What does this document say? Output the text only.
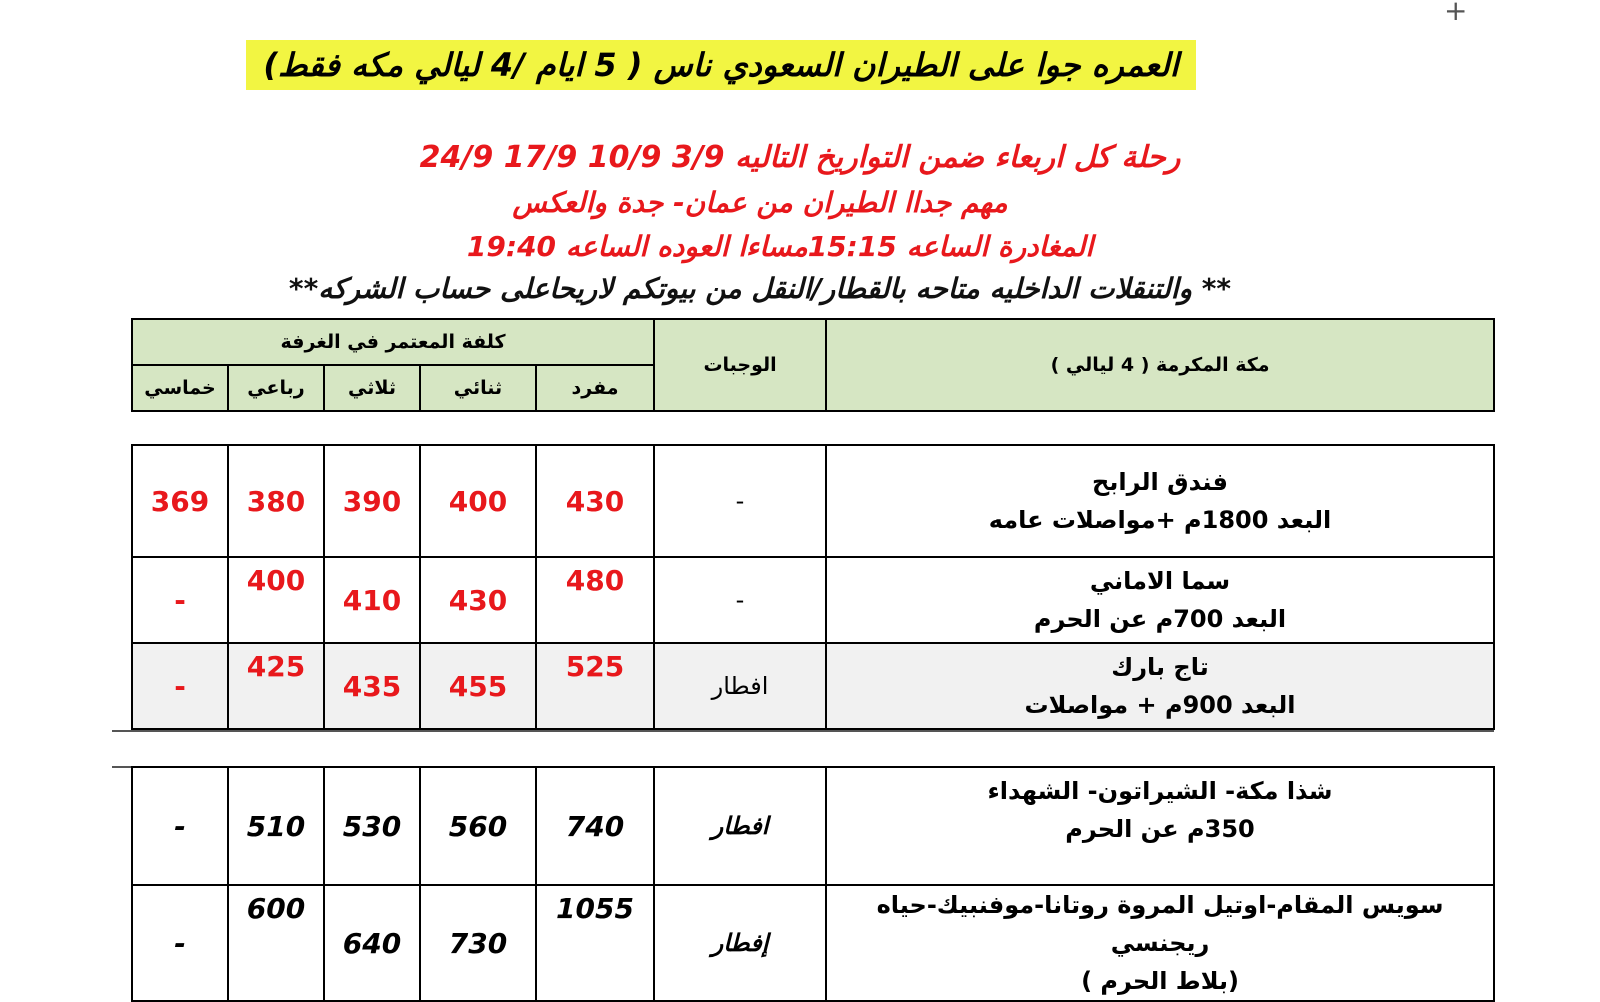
+
العمره جوا على الطيران السعودي ناس ( 5 ايام /4 ليالي مكه فقط)
رحلة كل اربعاء ضمن التواريخ التاليه 3/9 10/9 17/9 24/9
مهم جداا الطيران من عمان- جدة والعكس
المغادرة الساعه 15:15مساءا العوده الساعه 19:40
** والتنقلات الداخليه متاحه بالقطار/النقل من بيوتكم لاريحاعلى حساب الشركه**
كلفة المعتمر في الغرفة					الوجبات	مكة المكرمة ( 4 ليالي )
خماسي	رباعي	ثلاثي	ثنائي	مفرد		
369	380	390	400	430	-	فندق الرابح
البعد 1800م +مواصلات عامه

-	400	410	430	480	-	سما الاماني
البعد 700م عن الحرم

-	425	435	455	525	افطار	تاج بارك
البعد 900م + مواصلات
-	510	530	560	740	افطار	شذا مكة- الشيراتون- الشهداء
350م عن الحرم

-	600	640	730	1055	إفطار	سويس المقام-اوتيل المروة روتانا-موفنبيك-حياه ريجنسي
(بلاط الحرم )
